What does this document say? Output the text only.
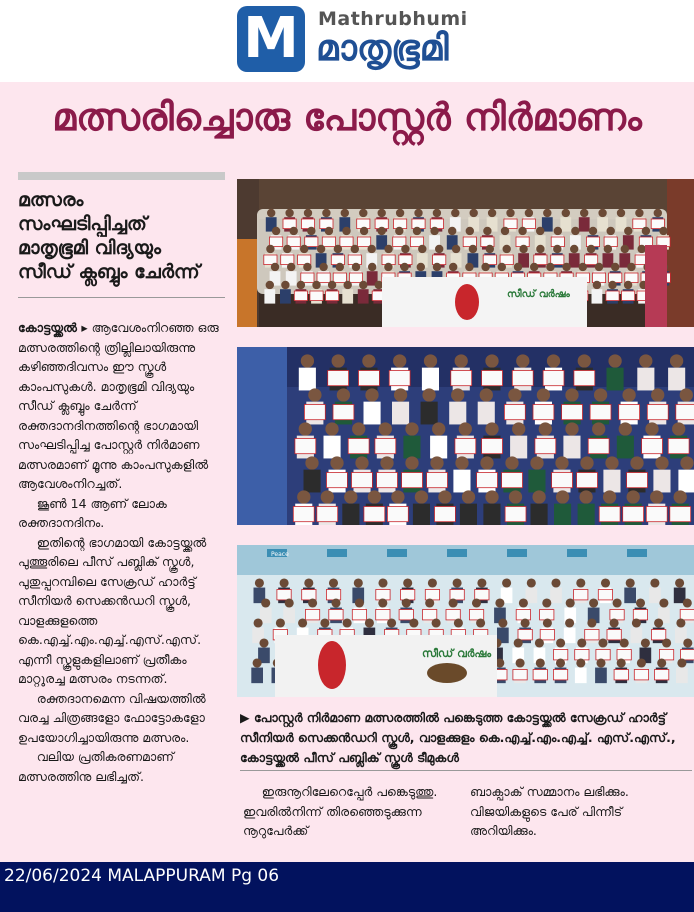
M	Mathrubhumi
മാതൃഭൂമി
മത്സരിച്ചൊരു പോസ്റ്റർ നിർമാണം
മത്സരം
സംഘടിപ്പിച്ചത്
മാതൃഭൂമി വിദ്യയും
സീഡ് ക്ലബ്ബും ചേർന്ന്

കോട്ടയ്ക്കൽ ▸ ആവേശംനിറഞ്ഞ ഒരു മത്സരത്തിന്റെ ത്രില്ലിലായിരുന്നു കഴിഞ്ഞദിവസം ഈ സ്കൂൾ കാംപസുകൾ. മാതൃഭൂമി വിദ്യയും സീഡ് ക്ലബ്ബും ചേർന്ന് രക്തദാനദിനത്തിന്റെ ഭാഗമായി സംഘടിപ്പിച്ച പോസ്റ്റർ നിർമാണ മത്സരമാണ് മൂന്നു കാംപസുകളിൽ ആവേശംനിറച്ചത്.

ജൂൺ 14 ആണ് ലോക രക്തദാനദിനം.

ഇതിന്റെ ഭാഗമായി കോട്ടയ്ക്കൽ പുത്തൂരിലെ പീസ് പബ്ലിക് സ്കൂൾ, പുതുപ്പറമ്പിലെ സേക്രഡ് ഹാർട്ട് സീനിയർ സെക്കൻഡറി സ്കൂൾ, വാളക്കുളത്തെ കെ.എച്ച്.എം.എച്ച്.എസ്.എസ്. എന്നീ സ്കൂളുകളിലാണ് പ്രതീകം മാറ്റുരച്ച മത്സരം നടന്നത്.

രക്തദാനമെന്ന വിഷയത്തിൽ വരച്ച ചിത്രങ്ങളോ ഫോട്ടോകളോ ഉപയോഗിച്ചായിരുന്നു മത്സരം.

വലിയ പ്രതികരണമാണ് മത്സരത്തിനു ലഭിച്ചത്.

സീഡ് വർഷം
Peace
സീഡ് വർഷം
▶ പോസ്റ്റർ നിർമാണ മത്സരത്തിൽ പങ്കെടുത്ത കോട്ടയ്ക്കൽ സേക്രഡ് ഹാർട്ട് സീനിയർ സെക്കൻഡറി സ്കൂൾ, വാളക്കുളം കെ.എച്ച്.എം.എച്ച്. എസ്.എസ്., കോട്ടയ്ക്കൽ പീസ് പബ്ലിക് സ്കൂൾ ടീമുകൾ

ഇരുനൂറിലേറെപ്പേർ പങ്കെടുത്തു. ഇവരിൽനിന്ന് തിരഞ്ഞെടുക്കുന്ന നൂറുപേർക്ക്

ബാക്പാക് സമ്മാനം ലഭിക്കും. വിജയികളുടെ പേര് പിന്നീട് അറിയിക്കും.

22/06/2024 MALAPPURAM Pg 06
